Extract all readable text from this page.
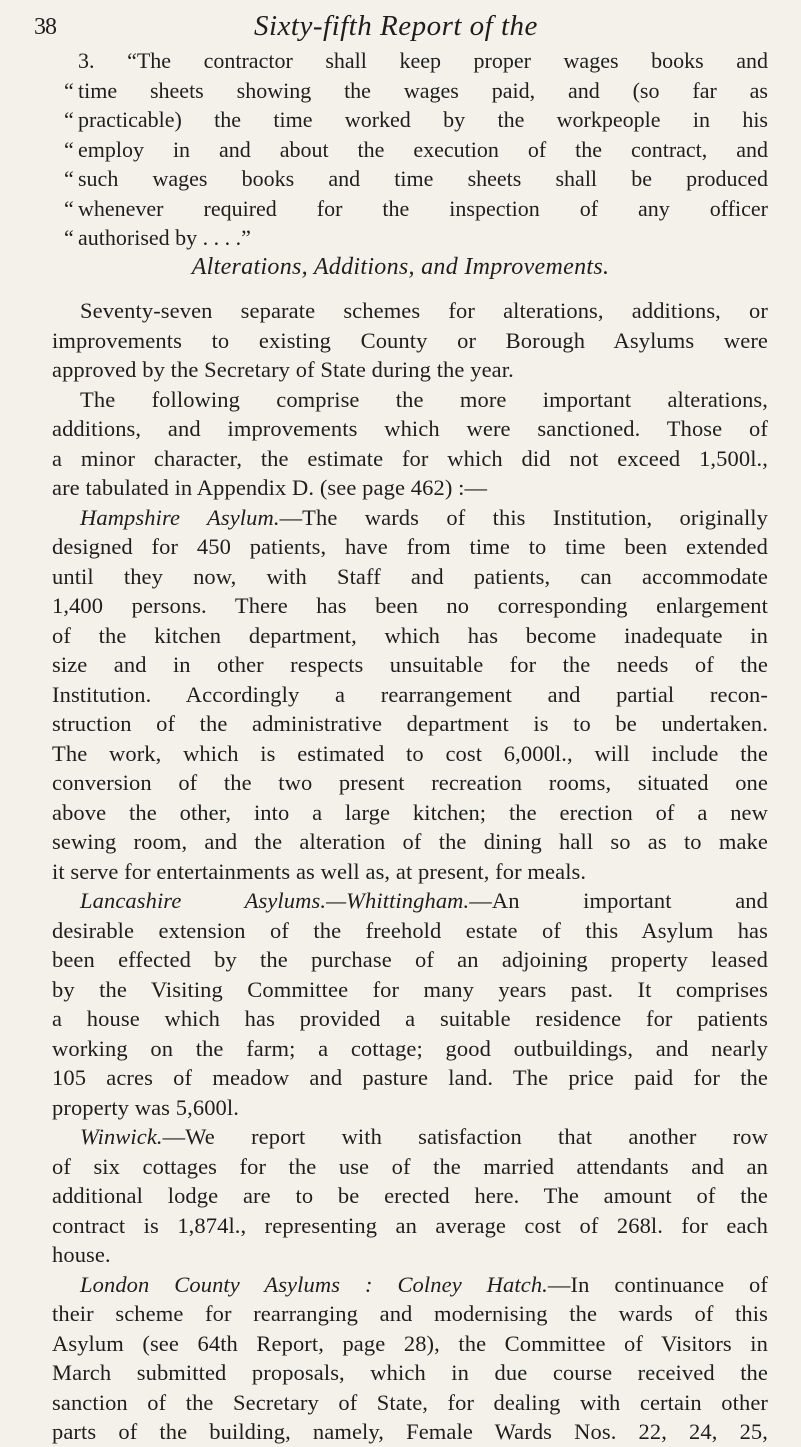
38	Sixty-fifth Report of the
3. “The contractor shall keep proper wages books and
“ time sheets showing the wages paid, and (so far as
“ practicable) the time worked by the workpeople in his
“ employ in and about the execution of the contract, and
“ such wages books and time sheets shall be produced
“ whenever required for the inspection of any officer
“ authorised by . . . .”
Alterations, Additions, and Improvements.
Seventy-seven separate schemes for alterations, additions, or
improvements to existing County or Borough Asylums were
approved by the Secretary of State during the year.
The following comprise the more important alterations,
additions, and improvements which were sanctioned. Those of
a minor character, the estimate for which did not exceed 1,500l.,
are tabulated in Appendix D. (see page 462) :—
Hampshire Asylum.—The wards of this Institution, originally
designed for 450 patients, have from time to time been extended
until they now, with Staff and patients, can accommodate
1,400 persons. There has been no corresponding enlargement
of the kitchen department, which has become inadequate in
size and in other respects unsuitable for the needs of the
Institution. Accordingly a rearrangement and partial recon-
struction of the administrative department is to be undertaken.
The work, which is estimated to cost 6,000l., will include the
conversion of the two present recreation rooms, situated one
above the other, into a large kitchen; the erection of a new
sewing room, and the alteration of the dining hall so as to make
it serve for entertainments as well as, at present, for meals.
Lancashire Asylums.—Whittingham.—An important and
desirable extension of the freehold estate of this Asylum has
been effected by the purchase of an adjoining property leased
by the Visiting Committee for many years past. It comprises
a house which has provided a suitable residence for patients
working on the farm; a cottage; good outbuildings, and nearly
105 acres of meadow and pasture land. The price paid for the
property was 5,600l.
Winwick.—We report with satisfaction that another row
of six cottages for the use of the married attendants and an
additional lodge are to be erected here. The amount of the
contract is 1,874l., representing an average cost of 268l. for each
house.
London County Asylums : Colney Hatch.—In continuance of
their scheme for rearranging and modernising the wards of this
Asylum (see 64th Report, page 28), the Committee of Visitors in
March submitted proposals, which in due course received the
sanction of the Secretary of State, for dealing with certain other
parts of the building, namely, Female Wards Nos. 22, 24, 25,
